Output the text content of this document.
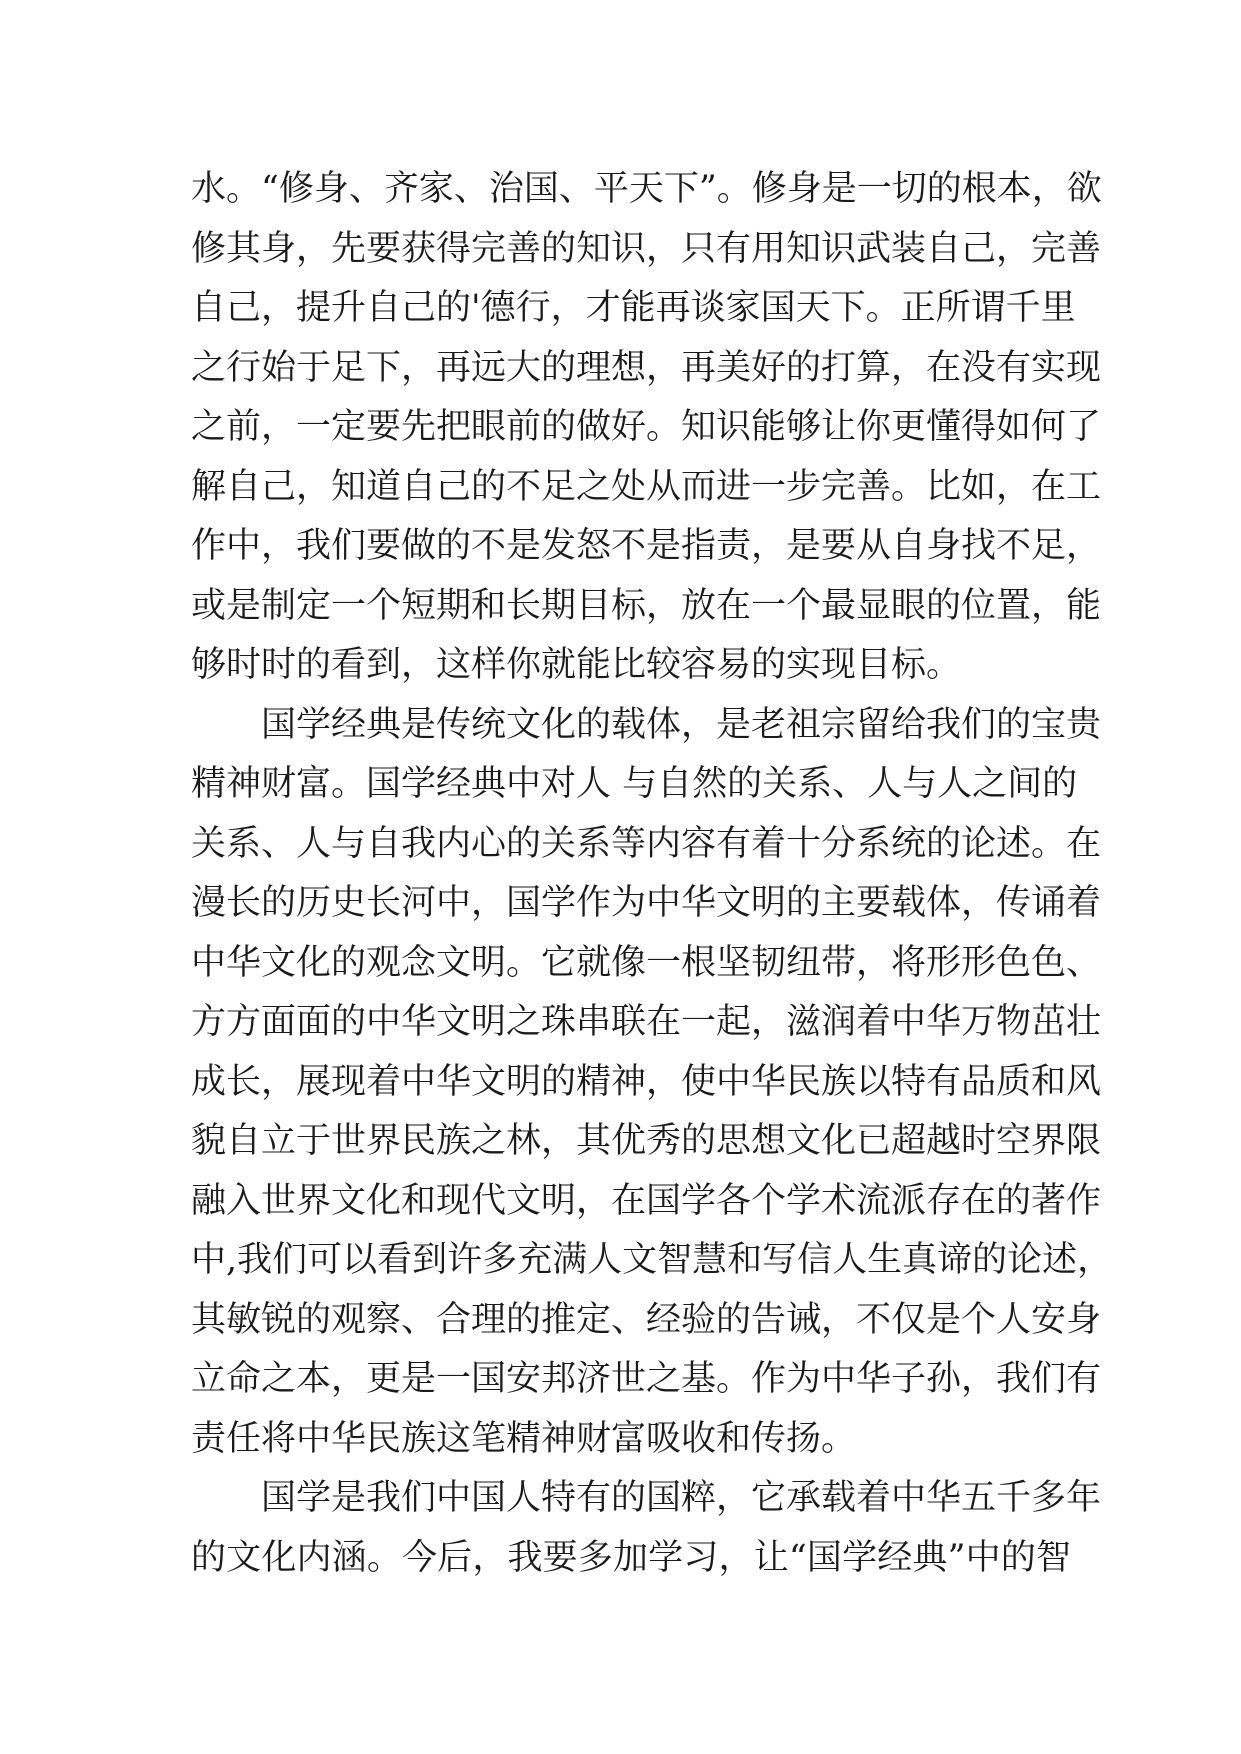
水。“修身、齐家、治国、平天下”。修身是一切的根本，欲
修其身，先要获得完善的知识，只有用知识武装自己，完善
自己，提升自己的'德行，才能再谈家国天下。正所谓千里
之行始于足下，再远大的理想，再美好的打算，在没有实现
之前，一定要先把眼前的做好。知识能够让你更懂得如何了
解自己，知道自己的不足之处从而进一步完善。比如，在工
作中，我们要做的不是发怒不是指责，是要从自身找不足，
或是制定一个短期和长期目标，放在一个最显眼的位置，能
够时时的看到，这样你就能比较容易的实现目标。
国学经典是传统文化的载体，是老祖宗留给我们的宝贵
精神财富。国学经典中对人 与自然的关系、人与人之间的
关系、人与自我内心的关系等内容有着十分系统的论述。在
漫长的历史长河中，国学作为中华文明的主要载体，传诵着
中华文化的观念文明。它就像一根坚韧纽带，将形形色色、
方方面面的中华文明之珠串联在一起，滋润着中华万物茁壮
成长，展现着中华文明的精神，使中华民族以特有品质和风
貌自立于世界民族之林，其优秀的思想文化已超越时空界限
融入世界文化和现代文明，在国学各个学术流派存在的著作
中,我们可以看到许多充满人文智慧和写信人生真谛的论述，
其敏锐的观察、合理的推定、经验的告诫，不仅是个人安身
立命之本，更是一国安邦济世之基。作为中华子孙，我们有
责任将中华民族这笔精神财富吸收和传扬。
国学是我们中国人特有的国粹，它承载着中华五千多年
的文化内涵。今后，我要多加学习，让“国学经典”中的智
